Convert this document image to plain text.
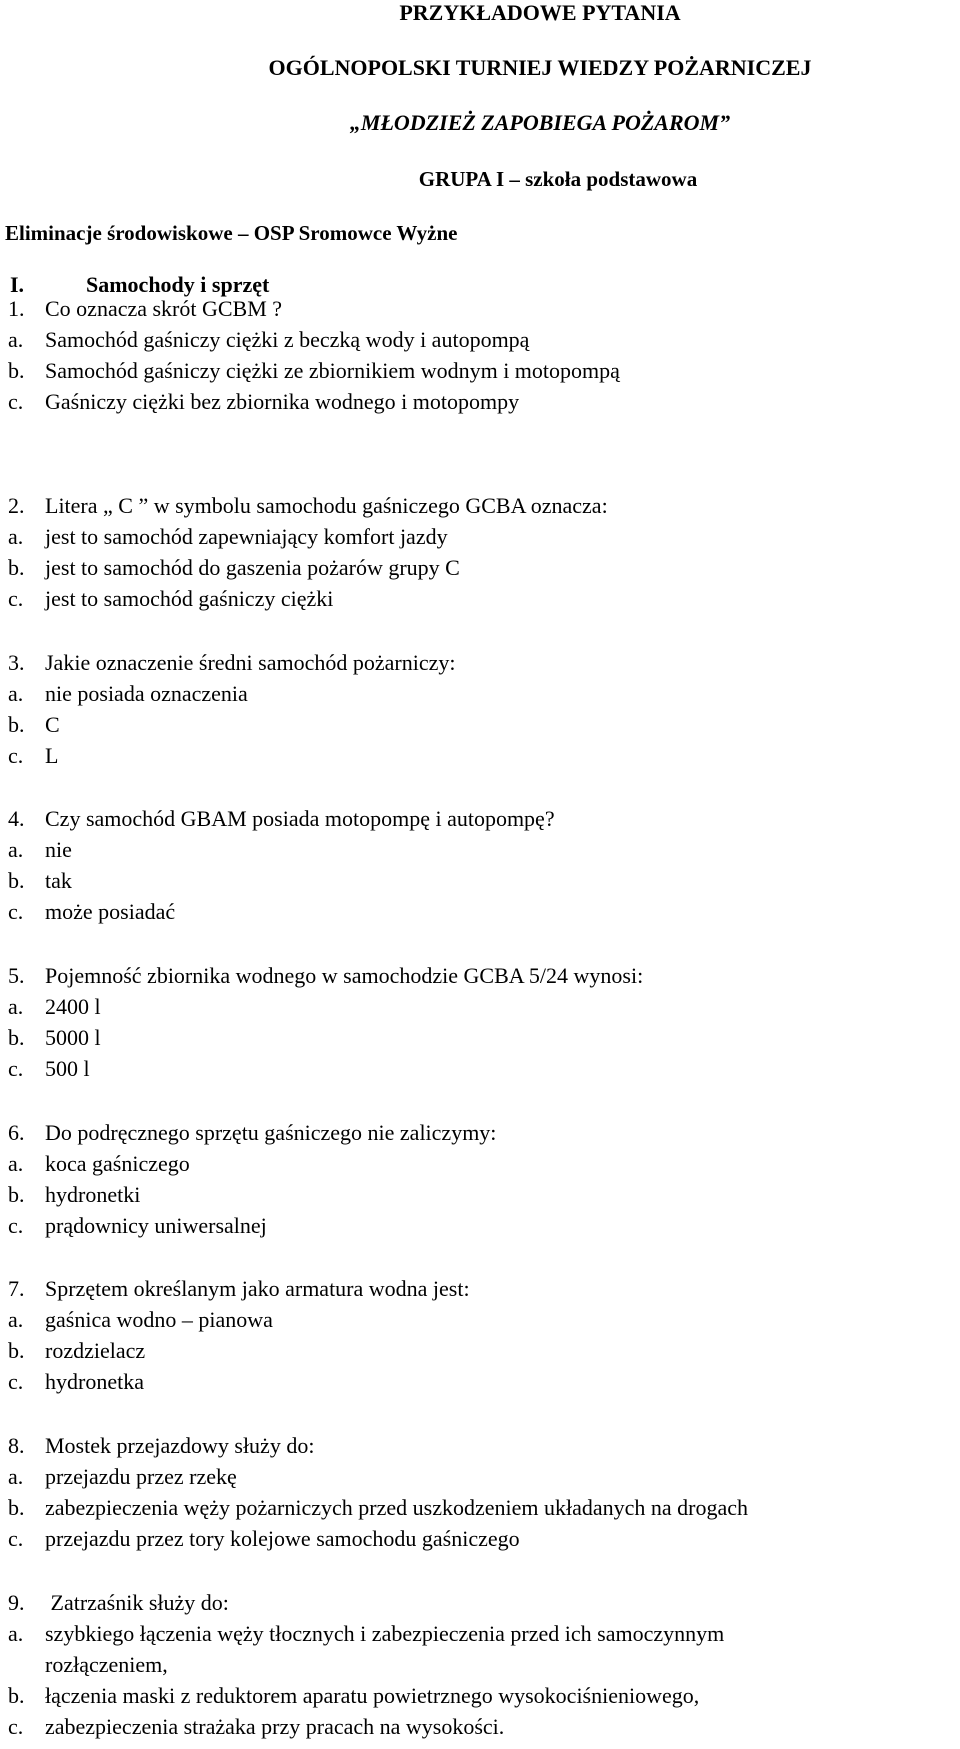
PRZYKŁADOWE PYTANIA
OGÓLNOPOLSKI TURNIEJ WIEDZY POŻARNICZEJ
„MŁODZIEŻ ZAPOBIEGA POŻAROM”
GRUPA I – szkoła podstawowa
Eliminacje środowiskowe – OSP Sromowce Wyżne
I.	Samochody i sprzęt
1. Co oznacza skrót GCBM ?
a. Samochód gaśniczy ciężki z beczką wody i autopompą
b. Samochód gaśniczy ciężki ze zbiornikiem wodnym i motopompą
c. Gaśniczy ciężki bez zbiornika wodnego i motopompy
2. Litera „ C ” w symbolu samochodu gaśniczego GCBA oznacza:
a. jest to samochód zapewniający komfort jazdy
b. jest to samochód do gaszenia pożarów grupy C
c. jest to samochód gaśniczy ciężki
3. Jakie oznaczenie średni samochód pożarniczy:
a. nie posiada oznaczenia
b. C
c. L
4. Czy samochód GBAM posiada motopompę i autopompę?
a. nie
b. tak
c. może posiadać
5. Pojemność zbiornika wodnego w samochodzie GCBA 5/24 wynosi:
a. 2400 l
b. 5000 l
c. 500 l
6. Do podręcznego sprzętu gaśniczego nie zaliczymy:
a. koca gaśniczego
b. hydronetki
c. prądownicy uniwersalnej
7. Sprzętem określanym jako armatura wodna jest:
a. gaśnica wodno – pianowa
b. rozdzielacz
c. hydronetka
8. Mostek przejazdowy służy do:
a. przejazdu przez rzekę
b. zabezpieczenia węży pożarniczych przed uszkodzeniem układanych na drogach
c. przejazdu przez tory kolejowe samochodu gaśniczego
9. Zatrzaśnik służy do:
a. szybkiego łączenia węży tłocznych i zabezpieczenia przed ich samoczynnym
rozłączeniem,
b. łączenia maski z reduktorem aparatu powietrznego wysokociśnieniowego,
c. zabezpieczenia strażaka przy pracach na wysokości.
